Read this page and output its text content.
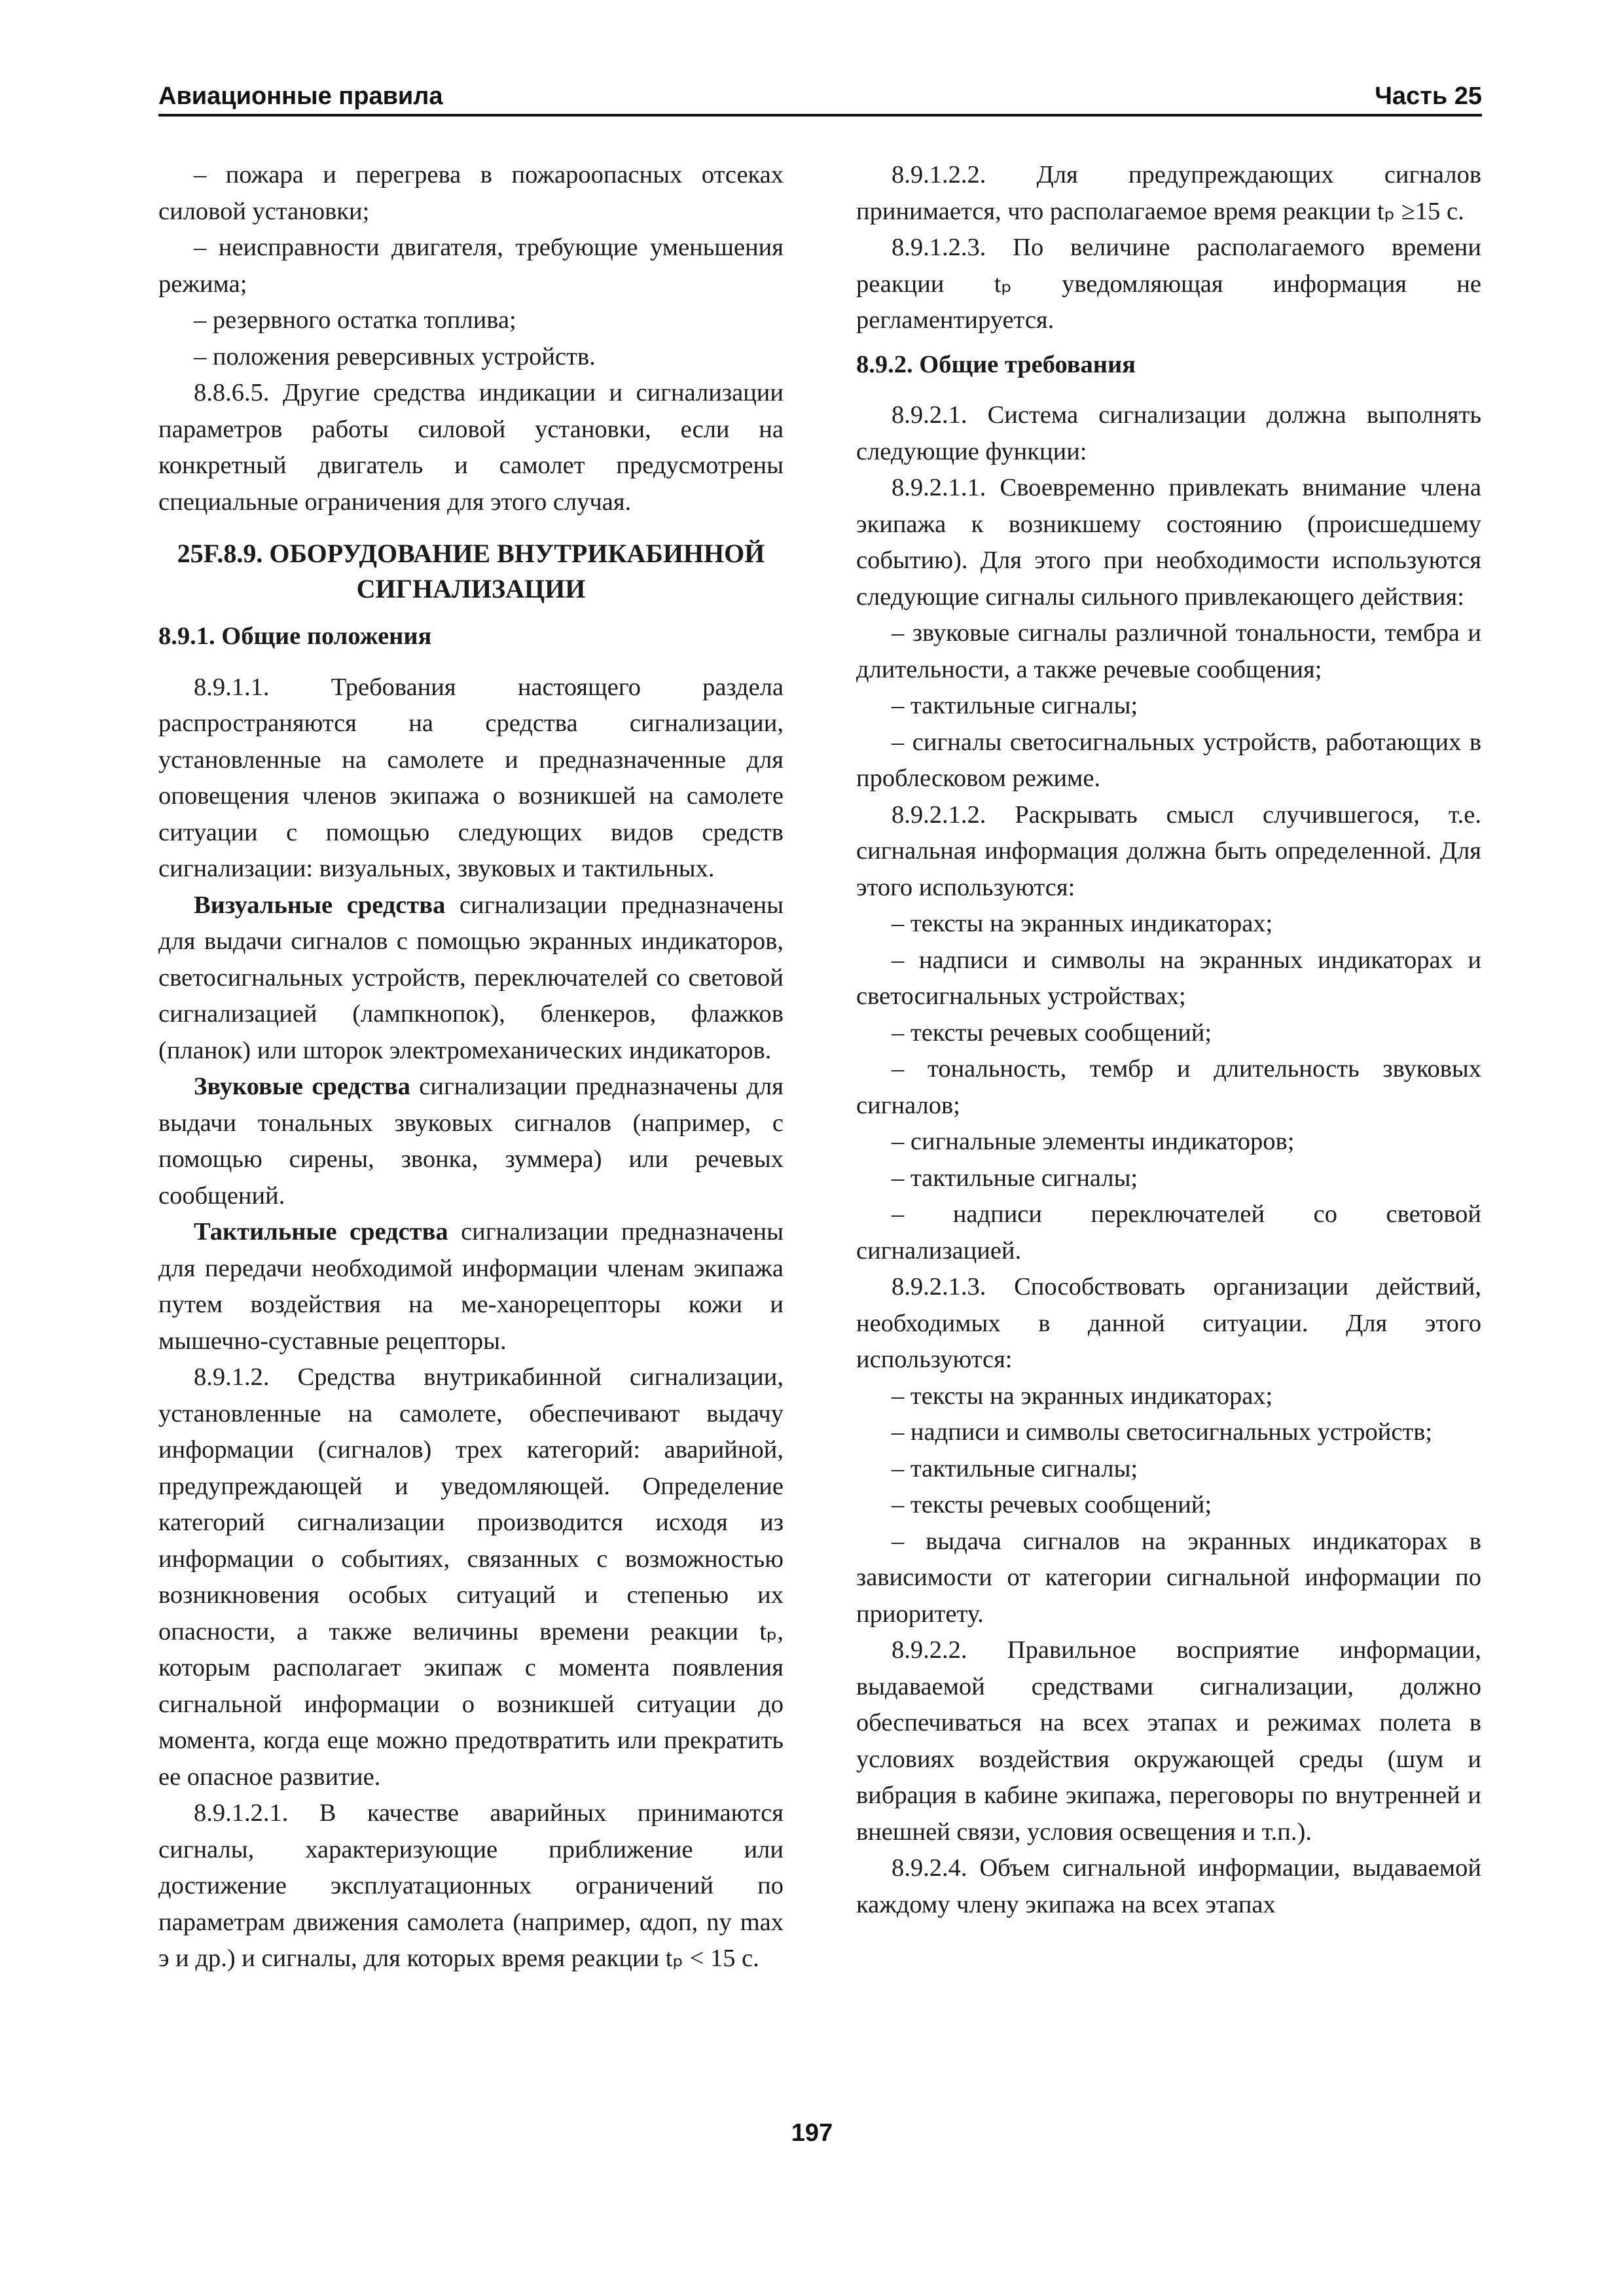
Авиационные правила	Часть 25
– пожара и перегрева в пожароопасных отсеках силовой установки;
– неисправности двигателя, требующие уменьшения режима;
– резервного остатка топлива;
– положения реверсивных устройств.
8.8.6.5. Другие средства индикации и сигнализации параметров работы силовой установки, если на конкретный двигатель и самолет предусмотрены специальные ограничения для этого случая.
25F.8.9. ОБОРУДОВАНИЕ ВНУТРИКАБИННОЙ СИГНАЛИЗАЦИИ
8.9.1. Общие положения
8.9.1.1. Требования настоящего раздела распространяются на средства сигнализации, установленные на самолете и предназначенные для оповещения членов экипажа о возникшей на самолете ситуации с помощью следующих видов средств сигнализации: визуальных, звуковых и тактильных.
Визуальные средства сигнализации предназначены для выдачи сигналов с помощью экранных индикаторов, светосигнальных устройств, переключателей со световой сигнализацией (лампкнопок), бленкеров, флажков (планок) или шторок электромеханических индикаторов.
Звуковые средства сигнализации предназначены для выдачи тональных звуковых сигналов (например, с помощью сирены, звонка, зуммера) или речевых сообщений.
Тактильные средства сигнализации предназначены для передачи необходимой информации членам экипажа путем воздействия на ме-ханорецепторы кожи и мышечно-суставные рецепторы.
8.9.1.2. Средства внутрикабинной сигнализации, установленные на самолете, обеспечивают выдачу информации (сигналов) трех категорий: аварийной, предупреждающей и уведомляющей. Определение категорий сигнализации производится исходя из информации о событиях, связанных с возможностью возникновения особых ситуаций и степенью их опасности, а также величины времени реакции tₚ, которым располагает экипаж с момента появления сигнальной информации о возникшей ситуации до момента, когда еще можно предотвратить или прекратить ее опасное развитие.
8.9.1.2.1. В качестве аварийных принимаются сигналы, характеризующие приближение или достижение эксплуатационных ограничений по параметрам движения самолета (например, αдоп, ny max э и др.) и сигналы, для которых время реакции tₚ < 15 с.
8.9.1.2.2. Для предупреждающих сигналов принимается, что располагаемое время реакции tₚ ≥15 с.
8.9.1.2.3. По величине располагаемого времени реакции tₚ уведомляющая информация не регламентируется.
8.9.2. Общие требования
8.9.2.1. Система сигнализации должна выполнять следующие функции:
8.9.2.1.1. Своевременно привлекать внимание члена экипажа к возникшему состоянию (происшедшему событию). Для этого при необходимости используются следующие сигналы сильного привлекающего действия:
– звуковые сигналы различной тональности, тембра и длительности, а также речевые сообщения;
– тактильные сигналы;
– сигналы светосигнальных устройств, работающих в проблесковом режиме.
8.9.2.1.2. Раскрывать смысл случившегося, т.е. сигнальная информация должна быть определенной. Для этого используются:
– тексты на экранных индикаторах;
– надписи и символы на экранных индикаторах и светосигнальных устройствах;
– тексты речевых сообщений;
– тональность, тембр и длительность звуковых сигналов;
– сигнальные элементы индикаторов;
– тактильные сигналы;
– надписи переключателей со световой сигнализацией.
8.9.2.1.3. Способствовать организации действий, необходимых в данной ситуации. Для этого используются:
– тексты на экранных индикаторах;
– надписи и символы светосигнальных устройств;
– тактильные сигналы;
– тексты речевых сообщений;
– выдача сигналов на экранных индикаторах в зависимости от категории сигнальной информации по приоритету.
8.9.2.2. Правильное восприятие информации, выдаваемой средствами сигнализации, должно обеспечиваться на всех этапах и режимах полета в условиях воздействия окружающей среды (шум и вибрация в кабине экипажа, переговоры по внутренней и внешней связи, условия освещения и т.п.).
8.9.2.4. Объем сигнальной информации, выдаваемой каждому члену экипажа на всех этапах
197
